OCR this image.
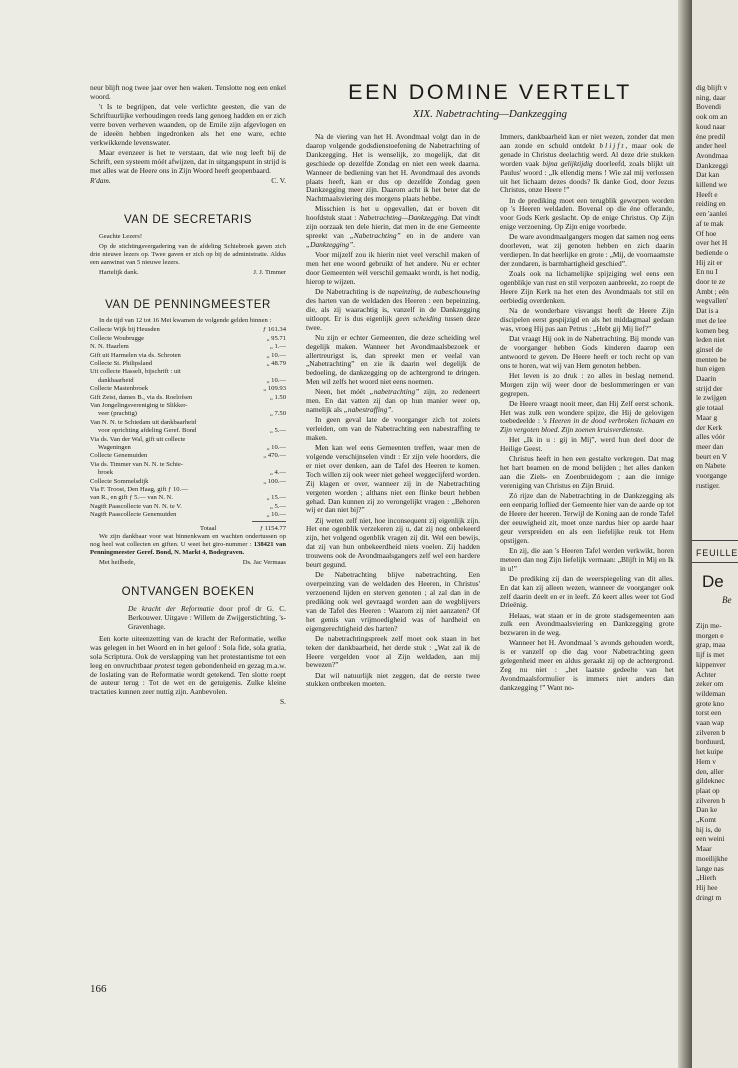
neur blijft nog twee jaar over hen waken. Tenslotte nog een enkel woord.

't Is te begrijpen, dat vele verlichte geesten, die van de Schriftuurlijke verhoudingen reeds lang genoeg hadden en er zich verre boven verheven waanden, op de Emile zijn afgevlogen en de ideeën hebben ingedronken als het ene ware, echte verkwikkende levenswater.

Maar evenzeer is het te verstaan, dat wie nog leeft bij de Schrift, een systeem móét afwijzen, dat in uitgangspunt in strijd is met alles wat de Heere ons in Zijn Woord heeft geopenbaard.

R'dam.	C. V.
VAN DE SECRETARIS

Geachte Lezers!

Op de stichtingsvergadering van de afdeling Schiebroek gaven zich drie nieuwe lezers op. Twee gaven er zich op bij de administratie. Aldus een aanwinst van 5 nieuwe lezers.

Hartelijk dank.	J. J. Timmer
VAN DE PENNINGMEESTER

In de tijd van 12 tot 16 Mei kwamen de volgende gelden binnen :

Collecte Wijk bij Heusden	ƒ 161.34
Collecte Woubrugge	„ 95.71
N. N. Haarlem	„ 1.—
Gift uit Harmelen via ds. Schroten	„ 10.—
Collecte St. Philipsland	„ 48.79
Uit collecte Hasselt, bijschrift : uit
dankbaarheid	„ 10.—
Collecte Mastenbroek	„ 109.93
Gift Zeist, dames B., via ds. Roelofsen	„ 1.50
Van Jongelingsvereniging te Slikker-
veer (prachtig)	„ 7.50
Van N. N. te Schiedam uit dankbaarheid
voor oprichting afdeling Geref. Bond	„ 5.—
Via ds. Van der Wal, gift uit collecte
Wageningen	„ 10.—
Collecte Genemuiden	„ 470.—
Via ds. Timmer van N. N. te Schie-
broek	„ 4.—
Collecte Sommelsdijk	„ 100.—
Via F. Troost, Den Haag, gift ƒ 10.—
van R., en gift ƒ 5.— van N. N.	„ 15.—
Nagift Paascollecte van N. N. te V.	„ 5.—
Nagift Paascollecte Genemuiden	„ 10.—
Totaal	ƒ 1154.77

We zijn dankbaar voor wat binnenkwam en wachten ondertussen op nog heel wat collecten en giften. U weet het giro-nummer : 138421 van Penningmeester Geref. Bond, N. Markt 4, Bodegraven.

Met heilbede,	Ds. Jac Vermaas
ONTVANGEN BOEKEN

De kracht der Reformatie door prof dr G. C. Berkouwer. Uitgave : Willem de Zwijgerstichting, 's-Gravenhage.

Een korte uiteenzetting van de kracht der Reformatie, welke was gelegen in het Woord en in het geloof : Sola fide, sola gratia, sola Scriptura. Ook de verslapping van het protestantisme tot een leeg en onvruchtbaar protest tegen gebondenheid en gezag m.a.w. de loslating van de Reformatie wordt getekend. Ten slotte roept de auteur terug : Tot de wet en de getuigenis. Zulke kleine tractaties kunnen zeer nuttig zijn. Aanbevolen.

S.
EEN DOMINE VERTELT
XIX. Nabetrachting—Dankzegging

Na de viering van het H. Avondmaal volgt dan in de daarop volgende godsdienstoefening de Nabetrachting of Dankzegging. Het is wenselijk, zo mogelijk, dat dit geschiede op dezelfde Zondag en niet een week daarna. Wanneer de bediening van het H. Avondmaal des avonds plaats heeft, kan er dus op dezelfde Zondag geen Dankzegging meer zijn. Daarom acht ik het beter dat de Nachtmaalsviering des morgens plaats hebbe.

Misschien is het u opgevallen, dat er boven dit hoofdstuk staat : Nabetrachting—Dankzegging. Dat vindt zijn oorzaak ten dele hierin, dat men in de ene Gemeente spreekt van „Nabetrachting” en in de andere van „Dankzegging”.

Voor mijzelf zou ik hierin niet veel verschil maken of men het ene woord gebruikt of het andere. Nu er echter door Gemeenten wèl verschil gemaakt wordt, is het nodig, hierop te wijzen.

De Nabetrachting is de napeinzing, de nabeschouwing des harten van de weldaden des Heeren : een bepeinzing, die, als zij waarachtig is, vanzelf in de Dankzegging uitloopt. Er is dus eigenlijk geen scheiding tussen deze twee.

Nu zijn er echter Gemeenten, die deze scheiding wel degelijk maken. Wanneer het Avondmaalsbezoek er allertreurigst is, dan spreekt men er veelal van „Nabetrachting” en zie ik daarin wel degelijk de bedoeling, de dankzegging op de achtergrond te dringen. Men wil zelfs het woord niet eens noemen.

Neen, het móét „nabetrachting” zijn, zo redeneert men. En dat vatten zij dan op hun manier weer op, namelijk als „nabestraffing”.

In geen geval late de voorganger zich tot zoiets verleiden, om van de Nabetrachting een nabestraffing te maken.

Men kan wel eens Gemeenten treffen, waar men de volgende verschijnselen vindt : Er zijn vele hoorders, die er niet over denken, aan de Tafel des Heeren te komen. Toch willen zij ook weer niet geheel weggecijferd worden. Zij klagen er over, wanneer zij in de Nabetrachting vergeten worden ; althans niet een flinke beurt hebben gehad. Dan kunnen zij zo verongelijkt vragen : „Behoren wij er dan niet bij?”

Zij weten zelf niet, hoe inconsequent zij eigenlijk zijn. Het ene ogenblik verzekeren zij u, dat zij nog onbekeerd zijn, het volgend ogenblik vragen zij dit. Wel een bewijs, dat zij van hun onbekeerdheid niets voelen. Zij hadden trouwens ook de Avondmaalsgangers zelf wel een hardere beurt gegund.

De Nabetrachting blijve nabetrachting. Een overpeinzing van de weldaden des Heeren, in Christus' verzoenend lijden en sterven genoten ; al zal dan in de prediking ook wel gevraagd worden aan de wegblijvers van de Tafel des Heeren : Waarom zij niet aanzaten? Of het gemis van vrijmoedigheid was of hardheid en eigengerechtigheid des harten?

De nabetrachtingspreek zelf moet ook staan in het teken der dankbaarheid, het derde stuk : „Wat zal ik de Heere vergelden voor al Zijn weldaden, aan mij bewezen?”

Dat wil natuurlijk niet zeggen, dat de eerste twee stukken ontbreken moeten.

Immers, dankbaarheid kan er niet wezen, zonder dat men aan zonde en schuld ontdekt blijft, maar ook de genade in Christus deelachtig werd. Al deze drie stukken worden vaak bijna gelijktijdig doorleefd, zoals blijkt uit Paulus' woord : „Ik ellendig mens ! Wie zal mij verlossen uit het lichaam dezes doods? Ik danke God, door Jezus Christus, onze Heere !”

In de prediking moet een terugblik geworpen worden op 's Heeren weldaden. Bovenal op die éne offerande, voor Gods Kerk geslacht. Op de enige Christus. Op Zijn enige verzoening. Op Zijn enige voorbede.

De ware avondmaalgangers mogen dat samen nog eens doorleven, wat zij genoten hebben en zich daarin verdiepen. In dat heerlijke en grote : „Mij, de voornaamste der zondaren, is barmhartigheid geschied”.

Zoals ook na lichamelijke spijziging wel eens een ogenblikje van rust en stil verpozen aanbreekt, zo roept de Heere Zijn Kerk na het eten des Avondmaals tot stil en eerbiedig overdenken.

Na de wonderbare visvangst heeft de Heere Zijn discipelen eerst gespijzigd en als het middagmaal gedaan was, vroeg Hij pas aan Petrus : „Hebt gij Mij lief?”

Dat vraagt Hij ook in de Nabetrachting. Bij monde van de voorganger hebben Gods kinderen daarop een antwoord te geven. De Heere heeft er toch recht op van ons te horen, wat wij van Hem genoten hebben.

Het leven is zo druk : zo alles in beslag nemend. Morgen zijn wij weer door de beslommeringen er van gegrepen.

De Heere vraagt nooit meer, dan Hij Zelf eerst schonk. Het was zulk een wondere spijze, die Hij de gelovigen toebedeelde : 's Heeren in de dood verbroken lichaam en Zijn vergoten bloed. Zijn zoenen kruisverdienste.

Het „Ik in u : gij in Mij”, werd hun deel door de Heilige Geest.

Christus heeft in hen een gestalte verkregen. Dat mag het hart beamen en de mond belijden ; het alles danken aan die Ziels- en Zoenbruidegom ; aan die innige vereniging van Christus en Zijn Bruid.

Zó rijzе dan de Nabetrachting in de Dankzegging als een eenparig loflied der Gemeente hier van de aarde op tot de Heere der heeren. Terwijl de Koning aan de ronde Tafel der eeuwigheid zit, moet onze nardus hier op aarde haar geur verspreiden en als een liefelijke reuk tot Hem opstijgen.

En zij, die aan 's Heeren Tafel werden verkwikt, horen meteen dan nog Zijn liefelijk vermaan: „Blijft in Mij en Ik in u!”

De prediking zij dan de weerspiegeling van dit alles. En dat kan zij alleen wezen, wanneer de voorganger ook zelf daarin deelt en er in leeft. Zó keert alles weer tot God Drieënig.

Helaas, wat staan er in de grote stadsgemeenten aan zulk een Avondmaalsviering en Dankzegging grote bezwaren in de weg.

Wanneer het H. Avondmaal 's avonds gehouden wordt, is er vanzelf op die dag voor Nabetrachting geen gelegenheid meer en aldus geraakt zij op de achtergrond. Zeg nu niet : „het laatste gedeelte van het Avondmaalsformulier is immers niet anders dan dankzegging !” Want no-

166
dig blijft v
ning, daar
Bovendi
ook om an
koud naar
ène predil
ander heel
Avondmaa
Dankzeggi
Dat kan
killend we
Heeft e
reiding en
een 'aanlei
af te mak
Of hoe
over het H
bediende o
Hij zit er
En nu I
door te ze
Ambt ; eén
wegvallen'
Dat is a
met de lee
komen beg
leden niet
ginsel de
menten be
hun eigen
Daarin
strijd der
le zwijgen
gie totaal
Maar g
der Kerk
alles vóór
meer dan
beurt en V
en Nabete
voorgange
rustiger.
FEUILLE
De
Be
Zijn me-
morgen e
grap, maa
lijf is met
kippenver
Achter
zeker om
wildeman
grote kno
torst een
vaan wap
zilveren b
borduurd,
het kuipe
Hem v
den, aller
gildeknec
plaat op
zilveren b
Dan ke
„Komt
hij is, de
een weini
Maar
moeilijkhe
lange nas
„Hierh
Hij hee
dringt m
